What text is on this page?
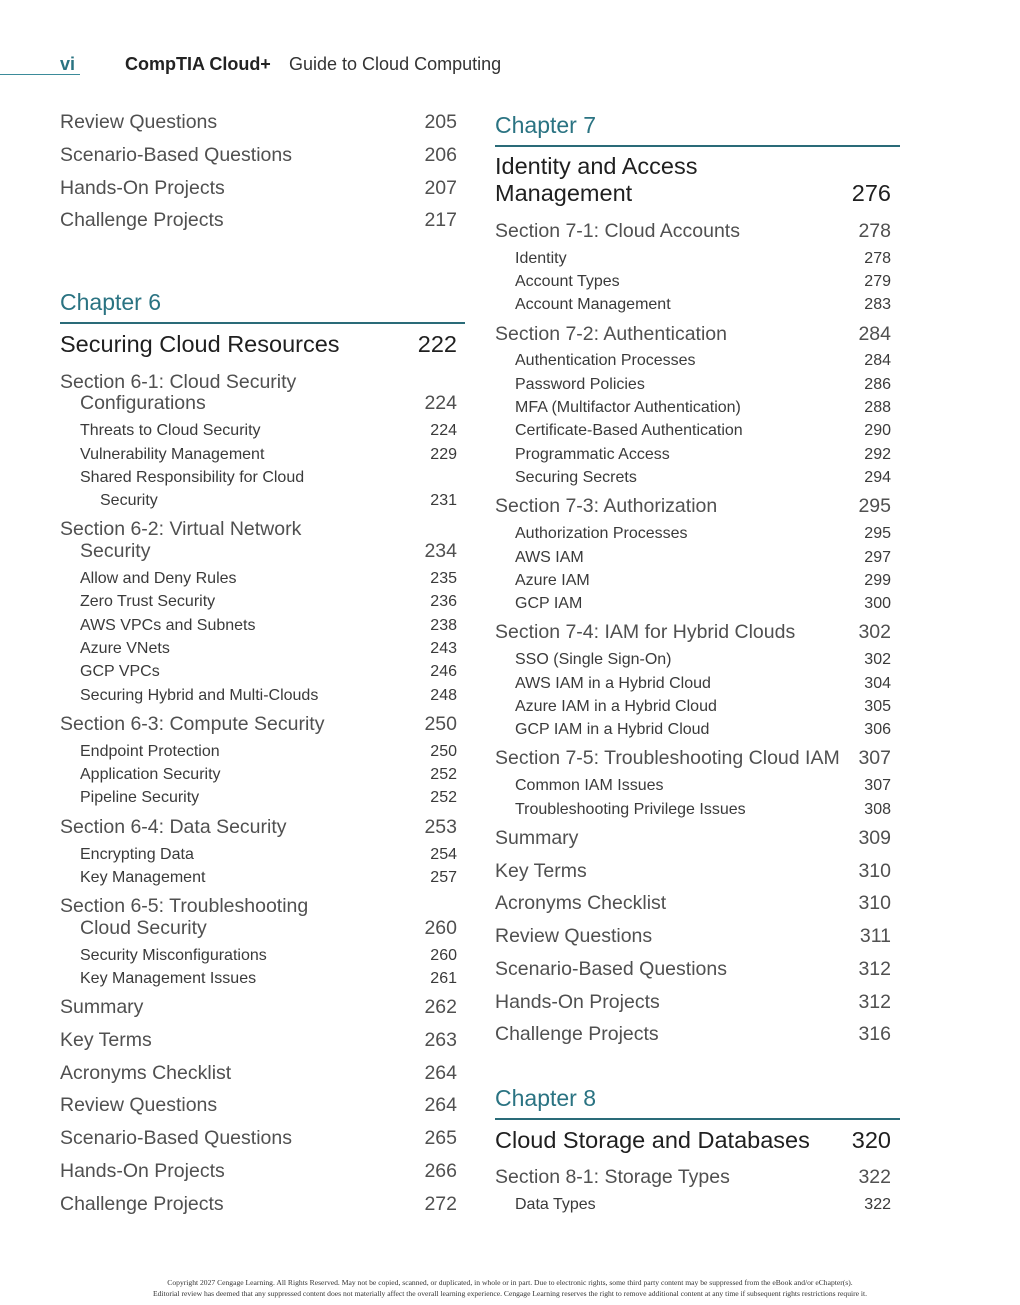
vi	CompTIA Cloud+ Guide to Cloud Computing
Review Questions	205
Scenario-Based Questions	206
Hands-On Projects	207
Challenge Projects	217
Chapter 6
Securing Cloud Resources	222
Section 6-1: Cloud Security
Configurations	224
Threats to Cloud Security	224
Vulnerability Management	229
Shared Responsibility for Cloud
Security	231
Section 6-2: Virtual Network
Security	234
Allow and Deny Rules	235
Zero Trust Security	236
AWS VPCs and Subnets	238
Azure VNets	243
GCP VPCs	246
Securing Hybrid and Multi-Clouds	248
Section 6-3: Compute Security	250
Endpoint Protection	250
Application Security	252
Pipeline Security	252
Section 6-4: Data Security	253
Encrypting Data	254
Key Management	257
Section 6-5: Troubleshooting
Cloud Security	260
Security Misconfigurations	260
Key Management Issues	261
Summary	262
Key Terms	263
Acronyms Checklist	264
Review Questions	264
Scenario-Based Questions	265
Hands-On Projects	266
Challenge Projects	272
Chapter 7
Identity and Access
Management	276
Section 7-1: Cloud Accounts	278
Identity	278
Account Types	279
Account Management	283
Section 7-2: Authentication	284
Authentication Processes	284
Password Policies	286
MFA (Multifactor Authentication)	288
Certificate-Based Authentication	290
Programmatic Access	292
Securing Secrets	294
Section 7-3: Authorization	295
Authorization Processes	295
AWS IAM	297
Azure IAM	299
GCP IAM	300
Section 7-4: IAM for Hybrid Clouds	302
SSO (Single Sign-On)	302
AWS IAM in a Hybrid Cloud	304
Azure IAM in a Hybrid Cloud	305
GCP IAM in a Hybrid Cloud	306
Section 7-5: Troubleshooting Cloud IAM 307
Common IAM Issues	307
Troubleshooting Privilege Issues	308
Summary	309
Key Terms	310
Acronyms Checklist	310
Review Questions	311
Scenario-Based Questions	312
Hands-On Projects	312
Challenge Projects	316
Chapter 8
Cloud Storage and Databases 320
Section 8-1: Storage Types	322
Data Types	322
Copyright 2027 Cengage Learning. All Rights Reserved. May not be copied, scanned, or duplicated, in whole or in part. Due to electronic rights, some third party content may be suppressed from the eBook and/or eChapter(s).
Editorial review has deemed that any suppressed content does not materially affect the overall learning experience. Cengage Learning reserves the right to remove additional content at any time if subsequent rights restrictions require it.
